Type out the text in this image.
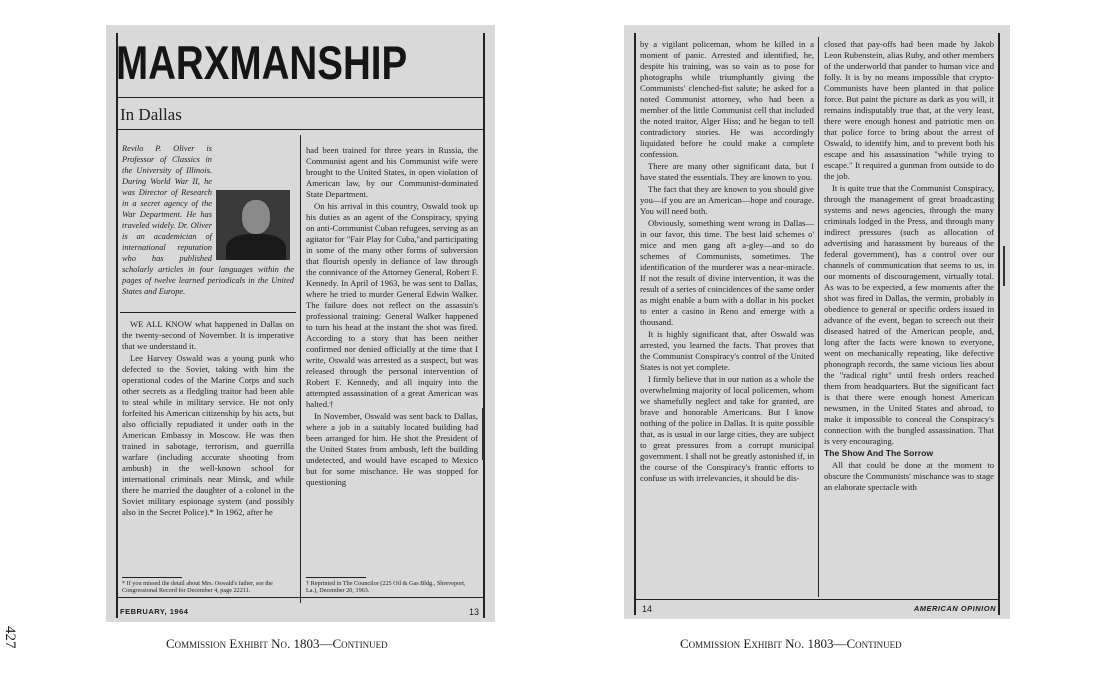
MARXMANSHIP
In Dallas
Revilo P. Oliver is Professor of Classics in the University of Illinois. During World War II, he was Director of Research in a secret agency of the War Department. He has traveled widely. Dr. Oliver is an academician of international reputation who has published scholarly articles in four languages within the pages of twelve learned periodicals in the United States and Europe.

WE ALL KNOW what happened in Dallas on the twenty-second of November. It is imperative that we understand it.

Lee Harvey Oswald was a young punk who defected to the Soviet, taking with him the operational codes of the Marine Corps and such other secrets as a fledgling traitor had been able to steal while in military service. He not only forfeited his American citizenship by his acts, but also officially repudiated it under oath in the American Embassy in Moscow. He was then trained in sabotage, terrorism, and guerrilla warfare (including accurate shooting from ambush) in the well-known school for international criminals near Minsk, and while there he married the daughter of a colonel in the Soviet military espionage system (and possibly also in the Secret Police).* In 1962, after he

* If you missed the detail about Mrs. Oswald's father, see the Congressional Record for December 4, page 22211.

had been trained for three years in Russia, the Communist agent and his Communist wife were brought to the United States, in open violation of American law, by our Communist-dominated State Department.

On his arrival in this country, Oswald took up his duties as an agent of the Conspiracy, spying on anti-Communist Cuban refugees, serving as an agitator for "Fair Play for Cuba,"and participating in some of the many other forms of subversion that flourish openly in defiance of law through the connivance of the Attorney General, Robert F. Kennedy. In April of 1963, he was sent to Dallas, where he tried to murder General Edwin Walker. The failure does not reflect on the assassin's professional training: General Walker happened to turn his head at the instant the shot was fired. According to a story that has been neither confirmed nor denied officially at the time that I write, Oswald was arrested as a suspect, but was released through the personal intervention of Robert F. Kennedy, and all inquiry into the attempted assassination of a great American was halted.†

In November, Oswald was sent back to Dallas, where a job in a suitably located building had been arranged for him. He shot the President of the United States from ambush, left the building undetected, and would have escaped to Mexico but for some mischance. He was stopped for questioning

† Reprinted in The Councilor (225 Oil & Gas Bldg., Shreveport, La.), December 20, 1963.
FEBRUARY, 1964	13

by a vigilant policeman, whom he killed in a moment of panic. Arrested and identified, he, despite his training, was so vain as to pose for photographs while triumphantly giving the Communists' clenched-fist salute; he asked for a noted Communist attorney, who had been a member of the little Communist cell that included the noted traitor, Alger Hiss; and he began to tell contradictory stories. He was accordingly liquidated before he could make a complete confession.

There are many other significant data, but I have stated the essentials. They are known to you.

The fact that they are known to you should give you—if you are an American—hope and courage. You will need both.

Obviously, something went wrong in Dallas—in our favor, this time. The best laid schemes o' mice and men gang aft a-gley—and so do schemes of Communists, sometimes. The identification of the murderer was a near-miracle. If not the result of divine intervention, it was the result of a series of coincidences of the same order as might enable a bum with a dollar in his pocket to enter a casino in Reno and emerge with a thousand.

It is highly significant that, after Oswald was arrested, you learned the facts. That proves that the Communist Conspiracy's control of the United States is not yet complete.

I firmly believe that in our nation as a whole the overwhelming majority of local policemen, whom we shamefully neglect and take for granted, are brave and honorable Americans. But I know nothing of the police in Dallas. It is quite possible that, as is usual in our large cities, they are subject to great pressures from a corrupt municipal government. I shall not be greatly astonished if, in the course of the Conspiracy's frantic efforts to confuse us with irrelevancies, it should be dis-

closed that pay-offs had been made by Jakob Leon Rubenstein, alias Ruby, and other members of the underworld that pander to human vice and folly. It is by no means impossible that crypto-Communists have been planted in that police force. But paint the picture as dark as you will, it remains indisputably true that, at the very least, there were enough honest and patriotic men on that police force to bring about the arrest of Oswald, to identify him, and to prevent both his escape and his assassination "while trying to escape." It required a gunman from outside to do the job.

It is quite true that the Communist Conspiracy, through the management of great broadcasting systems and news agencies, through the many criminals lodged in the Press, and through many indirect pressures (such as allocation of advertising and harassment by bureaus of the federal government), has a control over our channels of communication that seems to us, in our moments of discouragement, virtually total. As was to be expected, a few moments after the shot was fired in Dallas, the vermin, probably in obedience to general or specific orders issued in advance of the event, began to screech out their diseased hatred of the American people, and, long after the facts were known to everyone, went on mechanically repeating, like defective phonograph records, the same vicious lies about the "radical right" until fresh orders reached them from headquarters. But the significant fact is that there were enough honest American newsmen, in the United States and abroad, to make it impossible to conceal the Conspiracy's connection with the bungled assassination. That is very encouraging.

The Show And The Sorrow

All that could be done at the moment to obscure the Communists' mischance was to stage an elaborate spectacle with

14	AMERICAN OPINION
Commission Exhibit No. 1803—Continued	Commission Exhibit No. 1803—Continued
427
